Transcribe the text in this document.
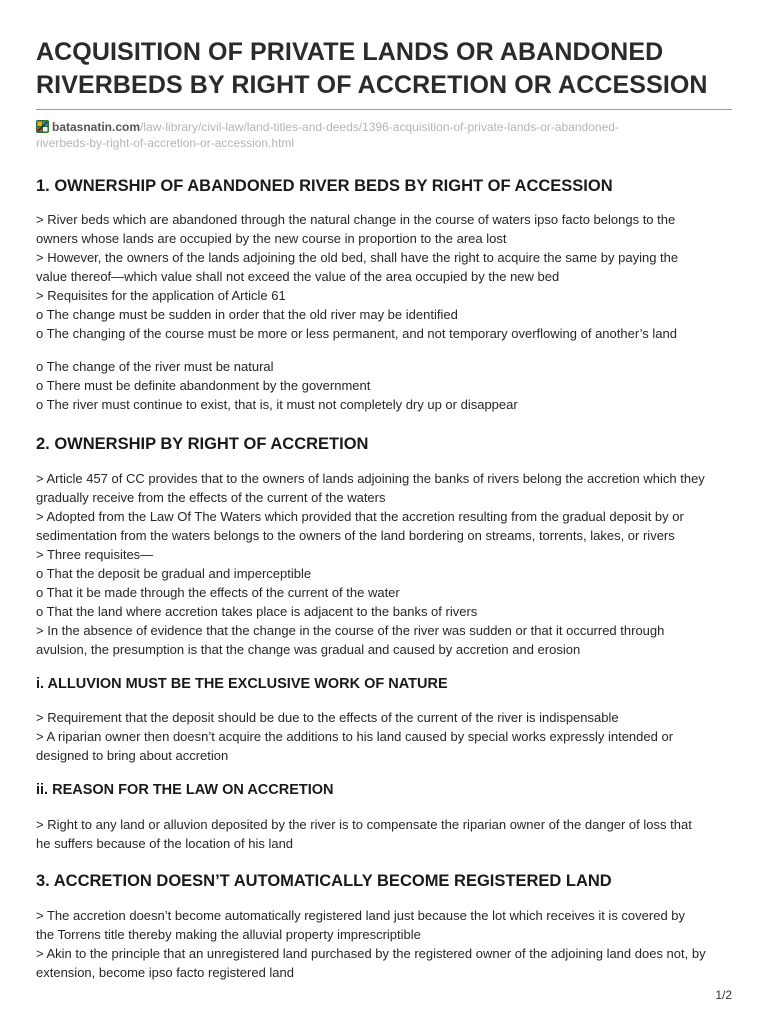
ACQUISITION OF PRIVATE LANDS OR ABANDONED
RIVERBEDS BY RIGHT OF ACCRETION OR ACCESSION
batasnatin.com/law-library/civil-law/land-titles-and-deeds/1396-acquisition-of-private-lands-or-abandoned-
riverbeds-by-right-of-accretion-or-accession.html
1. OWNERSHIP OF ABANDONED RIVER BEDS BY RIGHT OF ACCESSION
> River beds which are abandoned through the natural change in the course of waters ipso facto belongs to the
owners whose lands are occupied by the new course in proportion to the area lost
> However, the owners of the lands adjoining the old bed, shall have the right to acquire the same by paying the
value thereof—which value shall not exceed the value of the area occupied by the new bed
> Requisites for the application of Article 61
o The change must be sudden in order that the old river may be identified
o The changing of the course must be more or less permanent, and not temporary overflowing of another’s land
o The change of the river must be natural
o There must be definite abandonment by the government
o The river must continue to exist, that is, it must not completely dry up or disappear
2. OWNERSHIP BY RIGHT OF ACCRETION
> Article 457 of CC provides that to the owners of lands adjoining the banks of rivers belong the accretion which they
gradually receive from the effects of the current of the waters
> Adopted from the Law Of The Waters which provided that the accretion resulting from the gradual deposit by or
sedimentation from the waters belongs to the owners of the land bordering on streams, torrents, lakes, or rivers
> Three requisites—
o That the deposit be gradual and imperceptible
o That it be made through the effects of the current of the water
o That the land where accretion takes place is adjacent to the banks of rivers
> In the absence of evidence that the change in the course of the river was sudden or that it occurred through
avulsion, the presumption is that the change was gradual and caused by accretion and erosion
i. ALLUVION MUST BE THE EXCLUSIVE WORK OF NATURE
> Requirement that the deposit should be due to the effects of the current of the river is indispensable
> A riparian owner then doesn’t acquire the additions to his land caused by special works expressly intended or
designed to bring about accretion
ii. REASON FOR THE LAW ON ACCRETION
> Right to any land or alluvion deposited by the river is to compensate the riparian owner of the danger of loss that
he suffers because of the location of his land
3. ACCRETION DOESN’T AUTOMATICALLY BECOME REGISTERED LAND
> The accretion doesn’t become automatically registered land just because the lot which receives it is covered by
the Torrens title thereby making the alluvial property imprescriptible
> Akin to the principle that an unregistered land purchased by the registered owner of the adjoining land does not, by
extension, become ipso facto registered land
1/2
